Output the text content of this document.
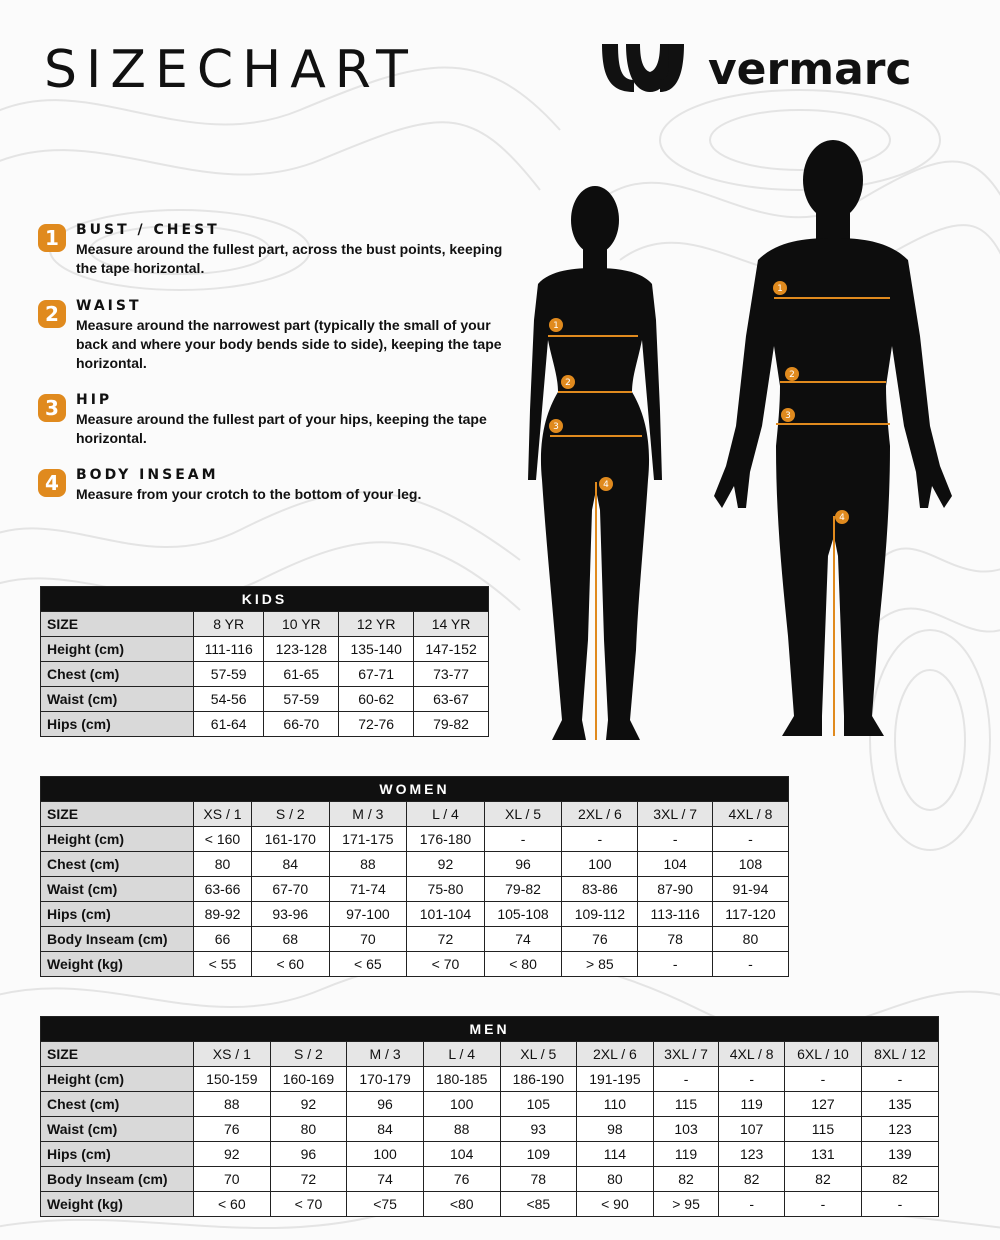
SIZECHART	vermarc
1	BUST / CHEST
Measure around the fullest part, across the bust points, keeping the tape horizontal.
2	WAIST
Measure around the narrowest part (typically the small of your back and where your body bends side to side), keeping the tape horizontal.
3	HIP
Measure around the fullest part of your hips, keeping the tape horizontal.
4	BODY INSEAM
Measure from your crotch to the bottom of your leg.
1
2
3
4
1
2
3
4
KIDS				
SIZE	8 YR	10 YR	12 YR	14 YR
Height (cm)	111-116	123-128	135-140	147-152
Chest (cm)	57-59	61-65	67-71	73-77
Waist (cm)	54-56	57-59	60-62	63-67
Hips (cm)	61-64	66-70	72-76	79-82
WOMEN								
SIZE	XS / 1	S / 2	M / 3	L / 4	XL / 5	2XL / 6	3XL / 7	4XL / 8
Height (cm)	< 160	161-170	171-175	176-180	-	-	-	-
Chest (cm)	80	84	88	92	96	100	104	108
Waist (cm)	63-66	67-70	71-74	75-80	79-82	83-86	87-90	91-94
Hips (cm)	89-92	93-96	97-100	101-104	105-108	109-112	113-116	117-120
Body Inseam (cm)	66	68	70	72	74	76	78	80
Weight (kg)	< 55	< 60	< 65	< 70	< 80	> 85	-	-
MEN										
SIZE	XS / 1	S / 2	M / 3	L / 4	XL / 5	2XL / 6	3XL / 7	4XL / 8	6XL / 10	8XL / 12
Height (cm)	150-159	160-169	170-179	180-185	186-190	191-195	-	-	-	-
Chest (cm)	88	92	96	100	105	110	115	119	127	135
Waist (cm)	76	80	84	88	93	98	103	107	115	123
Hips (cm)	92	96	100	104	109	114	119	123	131	139
Body Inseam (cm)	70	72	74	76	78	80	82	82	82	82
Weight (kg)	< 60	< 70	<75	<80	<85	< 90	> 95	-	-	-
